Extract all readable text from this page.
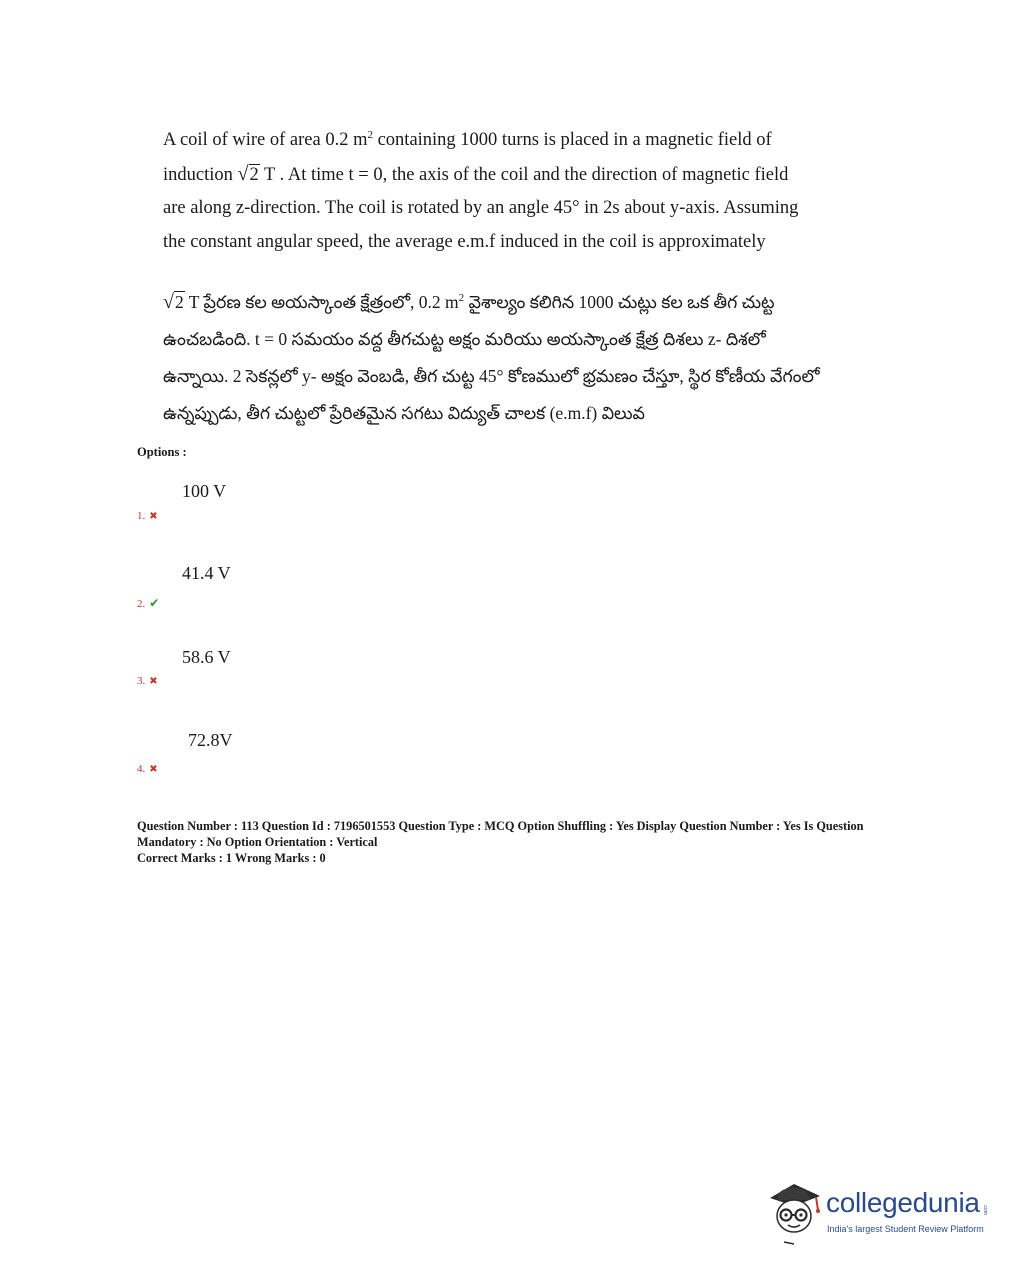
A coil of wire of area 0.2 $m^2$ containing 1000 turns is placed in a magnetic field of

induction √2 T . At time t = 0, the axis of the coil and the direction of magnetic field

are along z-direction. The coil is rotated by an angle 45° in 2s about y-axis. Assuming

the constant angular speed, the average e.m.f induced in the coil is approximately

√2 T ప్రేరణ కల అయస్కాంత క్షేత్రంలో, 0.2 $m^2$ వైశాల్యం కలిగిన 1000 చుట్లు కల ఒక తీగ చుట్ట

ఉంచబడింది. t = 0 సమయం వద్ద తీగచుట్ట అక్షం మరియు అయస్కాంత క్షేత్ర దిశలు z- దిశలో

ఉన్నాయి. 2 సెకన్లలో y- అక్షం వెంబడి, తీగ చుట్ట 45° కోణములో భ్రమణం చేస్తూ, స్థిర కోణీయ వేగంలో

ఉన్నప్పుడు, తీగ చుట్టలో ప్రేరితమైన సగటు విద్యుత్ చాలక (e.m.f) విలువ

Options :
100 V
1. ✖
41.4 V
2. ✔
58.6 V
3. ✖
72.8V
4. ✖
Question Number : 113 Question Id : 7196501553 Question Type : MCQ Option Shuffling : Yes Display Question Number : Yes Is Question
Mandatory : No Option Orientation : Vertical
Correct Marks : 1 Wrong Marks : 0
collegedunia .com
India's largest Student Review Platform
